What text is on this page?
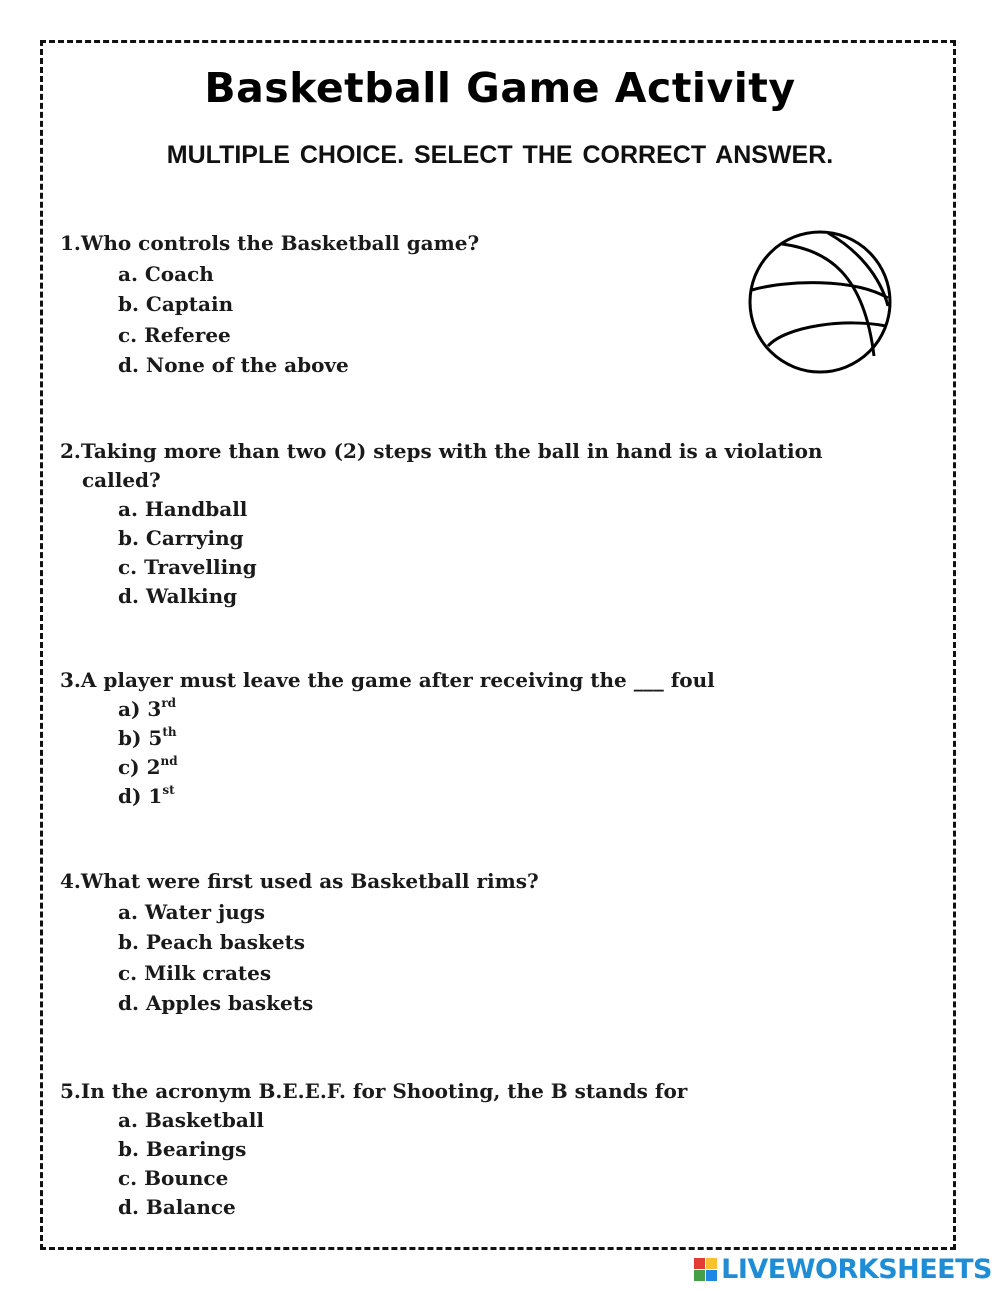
Basketball Game Activity
MULTIPLE CHOICE. SELECT THE CORRECT ANSWER.
1.Who controls the Basketball game?
a. Coach
b. Captain
c. Referee
d. None of the above
2.Taking more than two (2) steps with the ball in hand is a violation called?
a. Handball
b. Carrying
c. Travelling
d. Walking
3.A player must leave the game after receiving the ___ foul
a) 3rd
b) 5th
c) 2nd
d) 1st
4.What were first used as Basketball rims?
a. Water jugs
b. Peach baskets
c. Milk crates
d. Apples baskets
5.In the acronym B.E.E.F. for Shooting, the B stands for
a. Basketball
b. Bearings
c. Bounce
d. Balance
LIVEWORKSHEETS
